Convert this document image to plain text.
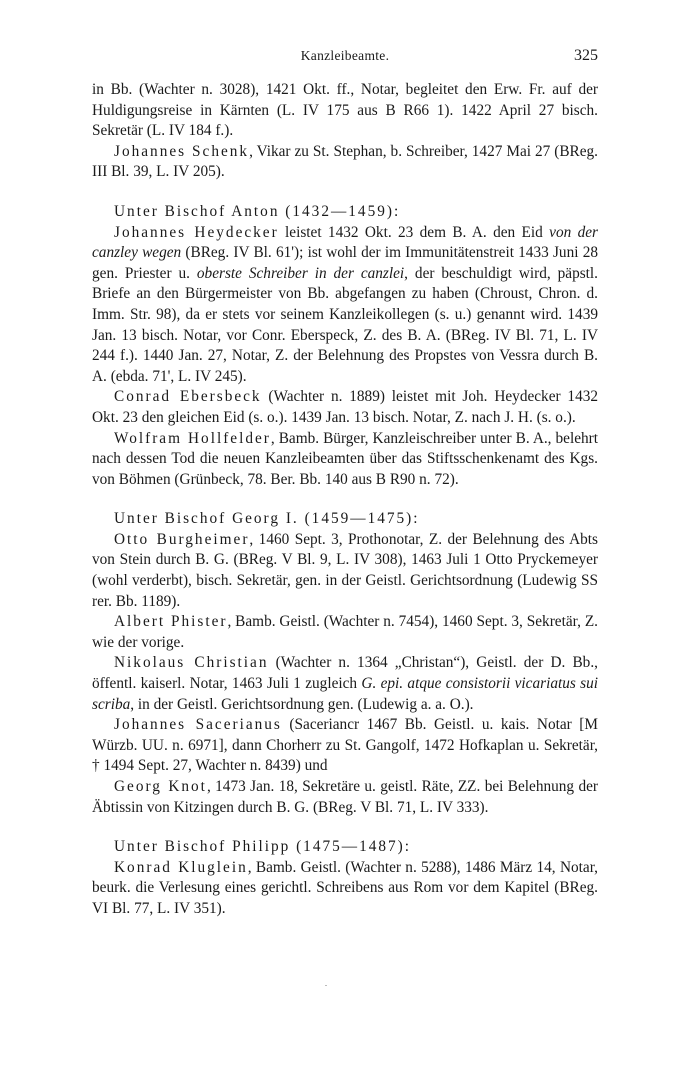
Kanzleibeamte.	325

in Bb. (Wachter n. 3028), 1421 Okt. ff., Notar, begleitet den Erw. Fr. auf der Huldigungsreise in Kärnten (L. IV 175 aus B R66 1). 1422 April 27 bisch. Sekretär (L. IV 184 f.).

Johannes Schenk, Vikar zu St. Stephan, b. Schreiber, 1427 Mai 27 (BReg. III Bl. 39, L. IV 205).

Unter Bischof Anton (1432—1459):

Johannes Heydecker leistet 1432 Okt. 23 dem B. A. den Eid von der canzley wegen (BReg. IV Bl. 61'); ist wohl der im Immunitätenstreit 1433 Juni 28 gen. Priester u. oberste Schreiber in der canzlei, der beschuldigt wird, päpstl. Briefe an den Bürgermeister von Bb. abgefangen zu haben (Chroust, Chron. d. Imm. Str. 98), da er stets vor seinem Kanzleikollegen (s. u.) genannt wird. 1439 Jan. 13 bisch. Notar, vor Conr. Eberspeck, Z. des B. A. (BReg. IV Bl. 71, L. IV 244 f.). 1440 Jan. 27, Notar, Z. der Belehnung des Propstes von Vessra durch B. A. (ebda. 71', L. IV 245).

Conrad Ebersbeck (Wachter n. 1889) leistet mit Joh. Heydecker 1432 Okt. 23 den gleichen Eid (s. o.). 1439 Jan. 13 bisch. Notar, Z. nach J. H. (s. o.).

Wolfram Hollfelder, Bamb. Bürger, Kanzleischreiber unter B. A., belehrt nach dessen Tod die neuen Kanzleibeamten über das Stiftsschenkenamt des Kgs. von Böhmen (Grünbeck, 78. Ber. Bb. 140 aus B R90 n. 72).

Unter Bischof Georg I. (1459—1475):

Otto Burgheimer, 1460 Sept. 3, Prothonotar, Z. der Belehnung des Abts von Stein durch B. G. (BReg. V Bl. 9, L. IV 308), 1463 Juli 1 Otto Pryckemeyer (wohl verderbt), bisch. Sekretär, gen. in der Geistl. Gerichtsordnung (Ludewig SS rer. Bb. 1189).

Albert Phister, Bamb. Geistl. (Wachter n. 7454), 1460 Sept. 3, Sekretär, Z. wie der vorige.

Nikolaus Christian (Wachter n. 1364 „Christan“), Geistl. der D. Bb., öffentl. kaiserl. Notar, 1463 Juli 1 zugleich G. epi. atque consistorii vicariatus sui scriba, in der Geistl. Gerichtsordnung gen. (Ludewig a. a. O.).

Johannes Sacerianus (Saceriancr 1467 Bb. Geistl. u. kais. Notar [M Würzb. UU. n. 6971], dann Chorherr zu St. Gangolf, 1472 Hofkaplan u. Sekretär, † 1494 Sept. 27, Wachter n. 8439) und

Georg Knot, 1473 Jan. 18, Sekretäre u. geistl. Räte, ZZ. bei Belehnung der Äbtissin von Kitzingen durch B. G. (BReg. V Bl. 71, L. IV 333).

Unter Bischof Philipp (1475—1487):

Konrad Kluglein, Bamb. Geistl. (Wachter n. 5288), 1486 März 14, Notar, beurk. die Verlesung eines gerichtl. Schreibens aus Rom vor dem Kapitel (BReg. VI Bl. 77, L. IV 351).
